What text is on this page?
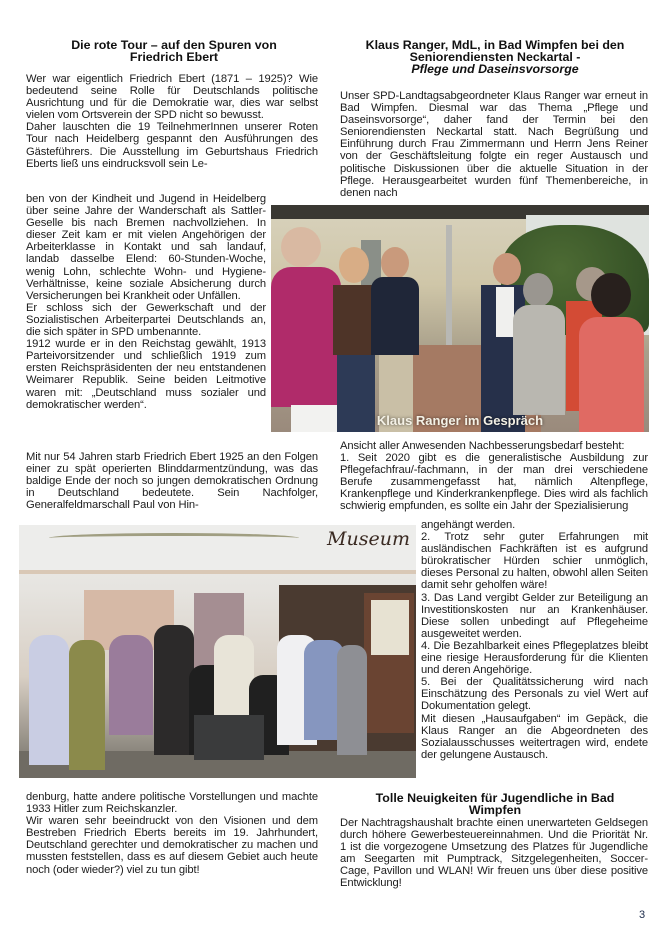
Die rote Tour – auf den Spuren von Friedrich Ebert

Wer war eigentlich Friedrich Ebert (1871 – 1925)? Wie bedeutend seine Rolle für Deutschlands politische Ausrichtung und für die Demokratie war, dies war selbst vielen vom Ortsverein der SPD nicht so bewusst.

Daher lauschten die 19 TeilnehmerInnen unserer Roten Tour nach Heidelberg gespannt den Ausführungen des Gästeführers. Die Ausstellung im Geburtshaus Friedrich Eberts ließ uns eindrucksvoll sein Le-

ben von der Kindheit und Jugend in Heidelberg über seine Jahre der Wanderschaft als Sattler-Geselle bis nach Bremen nachvollziehen. In dieser Zeit kam er mit vielen Angehörigen der Arbeiterklasse in Kontakt und sah landauf, landab dasselbe Elend: 60-Stunden-Woche, wenig Lohn, schlechte Wohn- und Hygiene-Verhältnisse, keine soziale Absicherung durch Versicherungen bei Krankheit oder Unfällen.

Er schloss sich der Gewerkschaft und der Sozialistischen Arbeiterpartei Deutschlands an, die sich später in SPD umbenannte.

1912 wurde er in den Reichstag gewählt, 1913 Parteivorsitzender und schließlich 1919 zum ersten Reichspräsidenten der neu entstandenen Weimarer Republik. Seine beiden Leitmotive waren mit: „Deutschland muss sozialer und demokratischer werden“.

Mit nur 54 Jahren starb Friedrich Ebert 1925 an den Folgen einer zu spät operierten Blinddarmentzündung, was das baldige Ende der noch so jungen demokratischen Ordnung in Deutschland bedeutete. Sein Nachfolger, Generalfeldmarschall Paul von Hin-

Klaus Ranger im Gespräch
Museum

denburg, hatte andere politische Vorstellungen und machte 1933 Hitler zum Reichskanzler.

Wir waren sehr beeindruckt von den Visionen und dem Bestreben Friedrich Eberts bereits im 19. Jahrhundert, Deutschland gerechter und demokratischer zu machen und mussten feststellen, dass es auf diesem Gebiet auch heute noch (oder wieder?) viel zu tun gibt!

Klaus Ranger, MdL, in Bad Wimpfen bei den Seniorendiensten Neckartal -
Pflege und Daseinsvorsorge

Unser SPD-Landtagsabgeordneter Klaus Ranger war erneut in Bad Wimpfen. Diesmal war das Thema „Pflege und Daseinsvorsorge“, daher fand der Termin bei den Seniorendiensten Neckartal statt. Nach Begrüßung und Einführung durch Frau Zimmermann und Herrn Jens Reiner von der Geschäftsleitung folgte ein reger Austausch und politische Diskussionen über die aktuelle Situation in der Pflege. Herausgearbeitet wurden fünf Themenbereiche, in denen nach

Ansicht aller Anwesenden Nachbesserungsbedarf besteht:

1. Seit 2020 gibt es die generalistische Ausbildung zur Pflegefachfrau/-fachmann, in der man drei verschiedene Berufe zusammengefasst hat, nämlich Altenpflege, Krankenpflege und Kinderkrankenpflege. Dies wird als fachlich schwierig empfunden, es sollte ein Jahr der Spezialisierung

angehängt werden.

2. Trotz sehr guter Erfahrungen mit ausländischen Fachkräften ist es aufgrund bürokratischer Hürden schier unmöglich, dieses Personal zu halten, obwohl allen Seiten damit sehr geholfen wäre!

3. Das Land vergibt Gelder zur Beteiligung an Investitionskosten nur an Krankenhäuser. Diese sollen unbedingt auf Pflegeheime ausgeweitet werden.

4. Die Bezahlbarkeit eines Pflegeplatzes bleibt eine riesige Herausforderung für die Klienten und deren Angehörige.

5. Bei der Qualitätssicherung wird nach Einschätzung des Personals zu viel Wert auf Dokumentation gelegt.

Mit diesen „Hausaufgaben“ im Gepäck, die Klaus Ranger an die Abgeordneten des Sozialausschusses weitertragen wird, endete der gelungene Austausch.

Tolle Neuigkeiten für Jugendliche in Bad Wimpfen

Der Nachtragshaushalt brachte einen unerwarteten Geldsegen durch höhere Gewerbesteuereinnahmen. Und die Priorität Nr. 1 ist die vorgezogene Umsetzung des Platzes für Jugendliche am Seegarten mit Pumptrack, Sitzgelegenheiten, Soccer-Cage, Pavillon und WLAN! Wir freuen uns über diese positive Entwicklung!

3
